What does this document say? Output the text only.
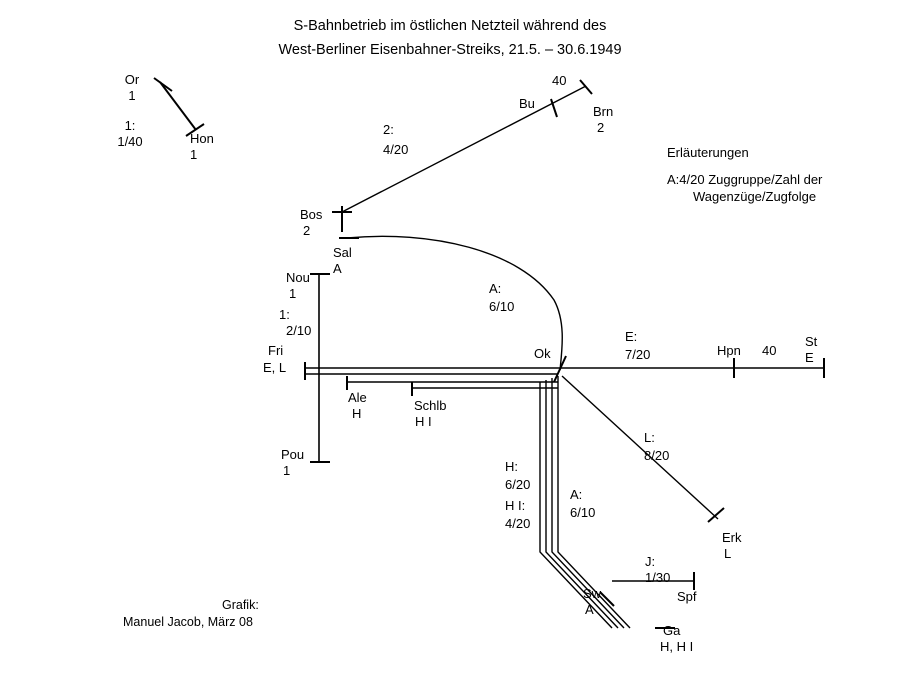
S-Bahnbetrieb im östlichen Netzteil während des
West-Berliner Eisenbahner-Streiks, 21.5. – 30.6.1949
Or
1
1:
1/40	Hon
1
40
Bu
Brn
2
2:
4/20
Bos
2
Sal
A
Nou
1
1:
2/10
Fri
E, L
Pou
1
Ale
H
Schlb
H I
Ok
A:
6/10
E:
7/20	Hpn 40
St
E
L:
8/20
Erk
L
H:
6/20
H I:
4/20
A:
6/10
J:
1/30
Spf
Sw
A
Ga
H, H I
Erläuterungen
A:4/20 Zuggruppe/Zahl der
Wagenzüge/Zugfolge
Grafik:
Manuel Jacob, März 08
